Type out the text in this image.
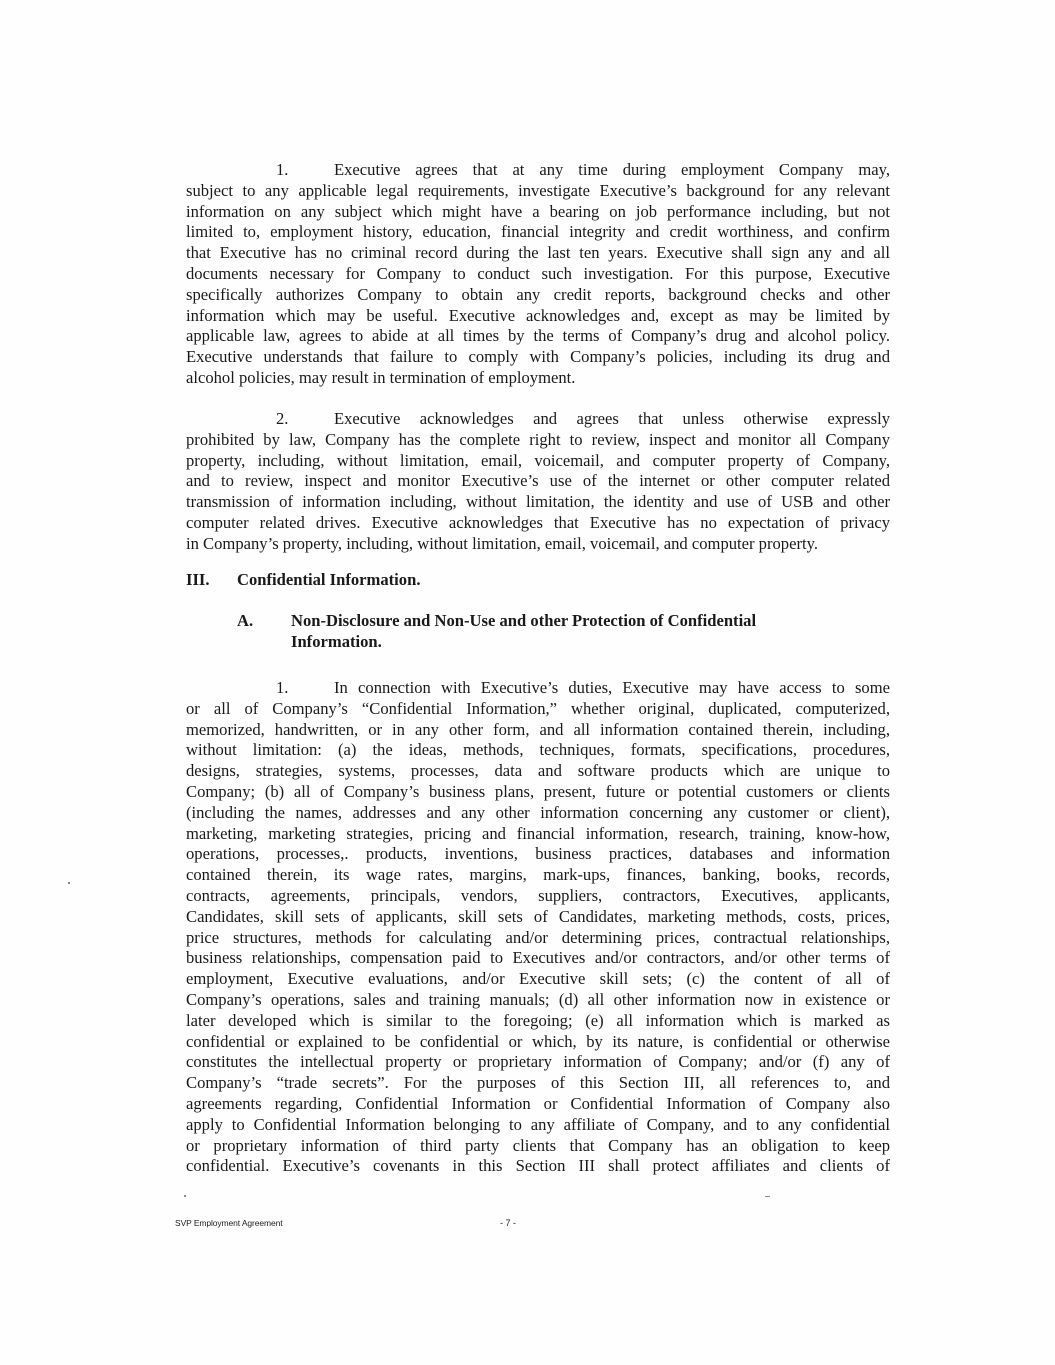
1.	Executive agrees that at any time during employment Company may,
subject to any applicable legal requirements, investigate Executive’s background for any relevant
information on any subject which might have a bearing on job performance including, but not
limited to, employment history, education, financial integrity and credit worthiness, and confirm
that Executive has no criminal record during the last ten years. Executive shall sign any and all
documents necessary for Company to conduct such investigation. For this purpose, Executive
specifically authorizes Company to obtain any credit reports, background checks and other
information which may be useful. Executive acknowledges and, except as may be limited by
applicable law, agrees to abide at all times by the terms of Company’s drug and alcohol policy.
Executive understands that failure to comply with Company’s policies, including its drug and
alcohol policies, may result in termination of employment.
2.	Executive acknowledges and agrees that unless otherwise expressly
prohibited by law, Company has the complete right to review, inspect and monitor all Company
property, including, without limitation, email, voicemail, and computer property of Company,
and to review, inspect and monitor Executive’s use of the internet or other computer related
transmission of information including, without limitation, the identity and use of USB and other
computer related drives. Executive acknowledges that Executive has no expectation of privacy
in Company’s property, including, without limitation, email, voicemail, and computer property.
III. Confidential Information.
A. Non-Disclosure and Non-Use and other Protection of Confidential
Information.
1.	In connection with Executive’s duties, Executive may have access to some
or all of Company’s “Confidential Information,” whether original, duplicated, computerized,
memorized, handwritten, or in any other form, and all information contained therein, including,
without limitation: (a) the ideas, methods, techniques, formats, specifications, procedures,
designs, strategies, systems, processes, data and software products which are unique to
Company; (b) all of Company’s business plans, present, future or potential customers or clients
(including the names, addresses and any other information concerning any customer or client),
marketing, marketing strategies, pricing and financial information, research, training, know-how,
operations, processes,. products, inventions, business practices, databases and information
contained therein, its wage rates, margins, mark-ups, finances, banking, books, records,
contracts, agreements, principals, vendors, suppliers, contractors, Executives, applicants,
Candidates, skill sets of applicants, skill sets of Candidates, marketing methods, costs, prices,
price structures, methods for calculating and/or determining prices, contractual relationships,
business relationships, compensation paid to Executives and/or contractors, and/or other terms of
employment, Executive evaluations, and/or Executive skill sets; (c) the content of all of
Company’s operations, sales and training manuals; (d) all other information now in existence or
later developed which is similar to the foregoing; (e) all information which is marked as
confidential or explained to be confidential or which, by its nature, is confidential or otherwise
constitutes the intellectual property or proprietary information of Company; and/or (f) any of
Company’s “trade secrets”. For the purposes of this Section III, all references to, and
agreements regarding, Confidential Information or Confidential Information of Company also
apply to Confidential Information belonging to any affiliate of Company, and to any confidential
or proprietary information of third party clients that Company has an obligation to keep
confidential. Executive’s covenants in this Section III shall protect affiliates and clients of
SVP Employment Agreement	- 7 -
